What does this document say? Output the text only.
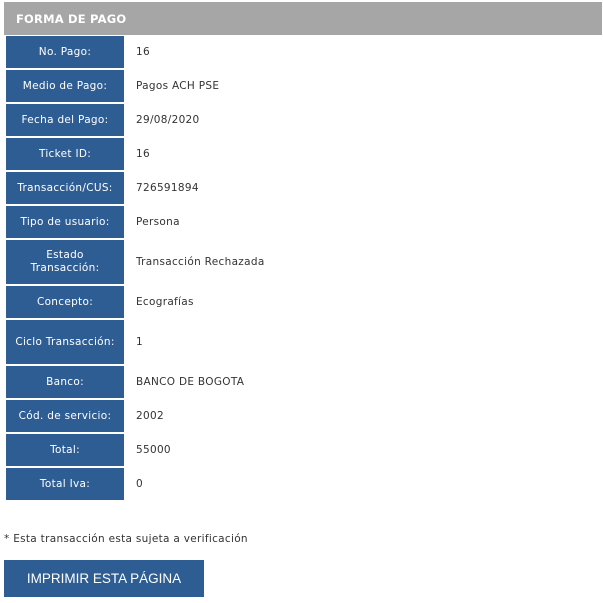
FORMA DE PAGO
No. Pago:	16
Medio de Pago:	Pagos ACH PSE
Fecha del Pago:	29/08/2020
Ticket ID:	16
Transacción/CUS:	726591894
Tipo de usuario:	Persona
Estado Transacción:	Transacción Rechazada
Concepto:	Ecografías
Ciclo Transacción:	1
Banco:	BANCO DE BOGOTA
Cód. de servicio:	2002
Total:	55000
Total Iva:	0
* Esta transacción esta sujeta a verificación
IMPRIMIR ESTA PÁGINA
